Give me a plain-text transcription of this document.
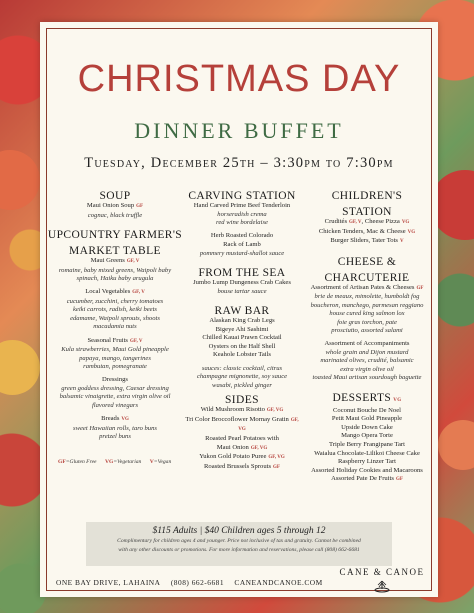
CHRISTMAS DAY
DINNER BUFFET
Tuesday, December 25th – 3:30pm to 7:30pm
SOUP
Maui Onion Soup GF
cognac, black truffle
UPCOUNTRY FARMER'S
MARKET TABLE
Maui Greens GF, V
romaine, baby mixed greens, Waipoli baby
spinach, Haiku baby arugula
Local Vegetables GF, V
cucumber, zucchini, cherry tomatoes
keiki carrots, radish, keiki beets
edamame, Waipoli sprouts, shoots
macadamia nuts
Seasonal Fruits GF, V
Kula strawberries, Maui Gold pineapple
papaya, mango, tangerines
rambutan, pomegranate
Dressings
green goddess dressing, Caesar dressing
balsamic vinaigrette, extra virgin olive oil
flavored vinegars
Breads VG
sweet Hawaiian rolls, taro buns
pretzel buns
CARVING STATION
Hand Carved Prime Beef Tenderloin
horseradish crema
red wine bordelaise
Herb Roasted Colorado
Rack of Lamb
pommery mustard-shallot sauce
FROM THE SEA
Jumbo Lump Dungeness Crab Cakes
bouse tartar sauce
RAW BAR
Alaskan King Crab Legs
Bigeye Ahi Sashimi
Chilled Kauai Prawn Cocktail
Oysters on the Half Shell
Keahole Lobster Tails
sauces: classic cocktail, citrus
champagne mignonette, soy sauce
wasabi, pickled ginger
SIDES
Wild Mushroom Risotto GF, VG
Tri Color Broccoflower Mornay Gratin GF, VG
Roasted Pearl Potatoes with
Maui Onion GF, VG
Yukon Gold Potato Puree GF, VG
Roasted Brussels Sprouts GF
CHILDREN'S
STATION
Crudités GF, V, Cheese Pizza VG
Chicken Tenders, Mac & Cheese VG
Burger Sliders, Tater Tots V
CHEESE &
CHARCUTERIE
Assortment of Artisan Pates & Cheeses GF
brie de meaux, mimolette, humboldt fog
boucheron, manchego, parmesan reggiano
house cured king salmon lox
foie gras torchon, pate
prosciutto, assorted salami
Assortment of Accompaniments
whole grain and Dijon mustard
marinated olives, crudité, balsamic
extra virgin olive oil
toasted Maui artisan sourdough baguette
DESSERTS VG
Coconut Bouche De Noel
Petit Maui Gold Pineapple
Upside Down Cake
Mango Opera Torte
Triple Berry Frangipane Tart
Waialua Chocolate-Lilikoi Cheese Cake
Raspberry Linzer Tart
Assorted Holiday Cookies and Macaroons
Assorted Pate De Fruits GF
GF=Gluten Free VG=Vegetarian V=Vegan
$115 Adults | $40 Children ages 5 through 12
Complimentary for children ages 4 and younger. Price not inclusive of tax and gratuity. Cannot be combined
with any other discounts or promotions. For more information and reservations, please call (808) 662-6681
ONE BAY DRIVE, LAHAINA (808) 662-6681 CANEANDCANOE.COM
CANE & CANOE
